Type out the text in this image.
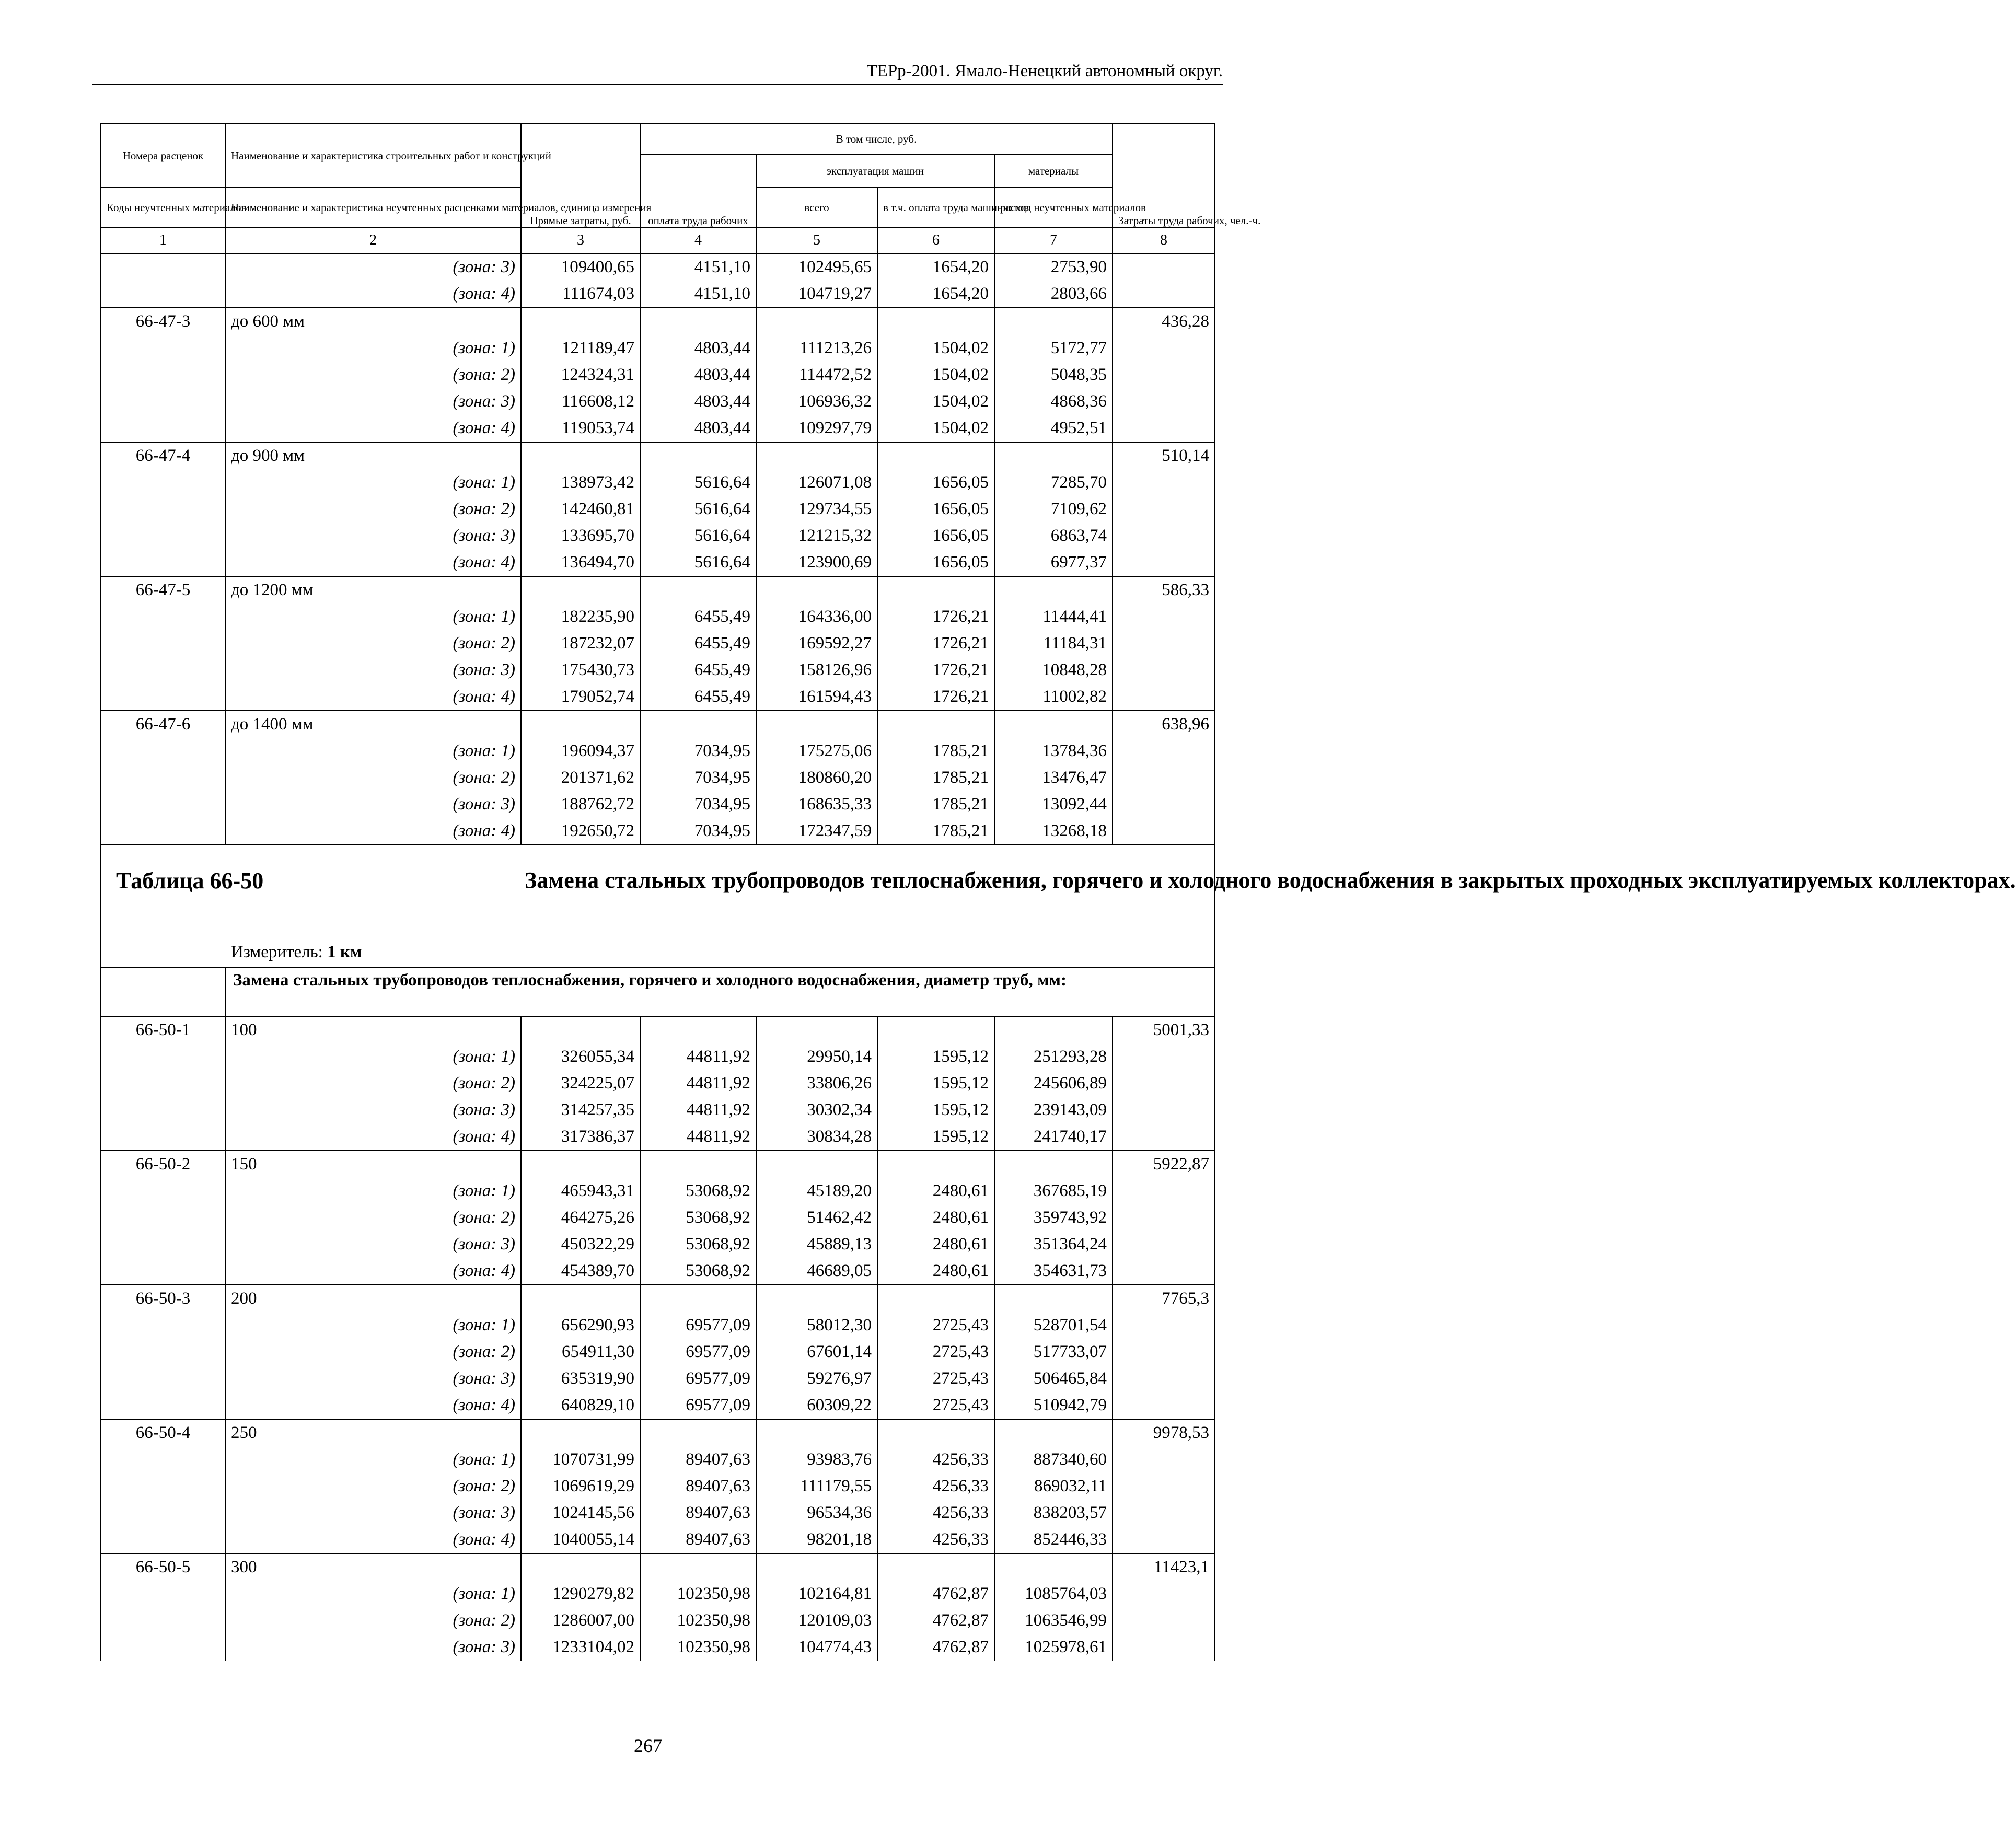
ТЕРр-2001. Ямало-Ненецкий автономный округ.
Номера расценок	Наименование и характеристика строительных работ и конструкций	Прямые затраты, руб.	В том числе, руб.				Затраты труда рабочих, чел.-ч.
			оплата труда рабочих	эксплуатация машин		материалы	
Коды неучтенных материалов	Наименование и характеристика неучтенных расценками материалов, единица измерения			всего	в т.ч. оплата труда машинистов	расход неучтенных материалов	

1	2	3	4	5	6	7	8
	(зона: 3)	109400,65	4151,10	102495,65	1654,20	2753,90	
	(зона: 4)	111674,03	4151,10	104719,27	1654,20	2803,66	
66-47-3	до 600 мм						436,28
	(зона: 1)	121189,47	4803,44	111213,26	1504,02	5172,77	
	(зона: 2)	124324,31	4803,44	114472,52	1504,02	5048,35	
	(зона: 3)	116608,12	4803,44	106936,32	1504,02	4868,36	
	(зона: 4)	119053,74	4803,44	109297,79	1504,02	4952,51	
66-47-4	до 900 мм						510,14
	(зона: 1)	138973,42	5616,64	126071,08	1656,05	7285,70	
	(зона: 2)	142460,81	5616,64	129734,55	1656,05	7109,62	
	(зона: 3)	133695,70	5616,64	121215,32	1656,05	6863,74	
	(зона: 4)	136494,70	5616,64	123900,69	1656,05	6977,37	
66-47-5	до 1200 мм						586,33
	(зона: 1)	182235,90	6455,49	164336,00	1726,21	11444,41	
	(зона: 2)	187232,07	6455,49	169592,27	1726,21	11184,31	
	(зона: 3)	175430,73	6455,49	158126,96	1726,21	10848,28	
	(зона: 4)	179052,74	6455,49	161594,43	1726,21	11002,82	
66-47-6	до 1400 мм						638,96
	(зона: 1)	196094,37	7034,95	175275,06	1785,21	13784,36	
	(зона: 2)	201371,62	7034,95	180860,20	1785,21	13476,47	
	(зона: 3)	188762,72	7034,95	168635,33	1785,21	13092,44	
	(зона: 4)	192650,72	7034,95	172347,59	1785,21	13268,18	

Таблица 66-50 Замена стальных трубопроводов теплоснабжения, горячего и холодного водоснабжения в закрытых проходных эксплуатируемых коллекторах.
Измеритель: 1 км							

	Замена стальных трубопроводов теплоснабжения, горячего и холодного водоснабжения, диаметр труб, мм:						
66-50-1	100						5001,33
	(зона: 1)	326055,34	44811,92	29950,14	1595,12	251293,28	
	(зона: 2)	324225,07	44811,92	33806,26	1595,12	245606,89	
	(зона: 3)	314257,35	44811,92	30302,34	1595,12	239143,09	
	(зона: 4)	317386,37	44811,92	30834,28	1595,12	241740,17	
66-50-2	150						5922,87
	(зона: 1)	465943,31	53068,92	45189,20	2480,61	367685,19	
	(зона: 2)	464275,26	53068,92	51462,42	2480,61	359743,92	
	(зона: 3)	450322,29	53068,92	45889,13	2480,61	351364,24	
	(зона: 4)	454389,70	53068,92	46689,05	2480,61	354631,73	
66-50-3	200						7765,3
	(зона: 1)	656290,93	69577,09	58012,30	2725,43	528701,54	
	(зона: 2)	654911,30	69577,09	67601,14	2725,43	517733,07	
	(зона: 3)	635319,90	69577,09	59276,97	2725,43	506465,84	
	(зона: 4)	640829,10	69577,09	60309,22	2725,43	510942,79	
66-50-4	250						9978,53
	(зона: 1)	1070731,99	89407,63	93983,76	4256,33	887340,60	
	(зона: 2)	1069619,29	89407,63	111179,55	4256,33	869032,11	
	(зона: 3)	1024145,56	89407,63	96534,36	4256,33	838203,57	
	(зона: 4)	1040055,14	89407,63	98201,18	4256,33	852446,33	
66-50-5	300						11423,1
	(зона: 1)	1290279,82	102350,98	102164,81	4762,87	1085764,03	
	(зона: 2)	1286007,00	102350,98	120109,03	4762,87	1063546,99	
	(зона: 3)	1233104,02	102350,98	104774,43	4762,87	1025978,61	
267
